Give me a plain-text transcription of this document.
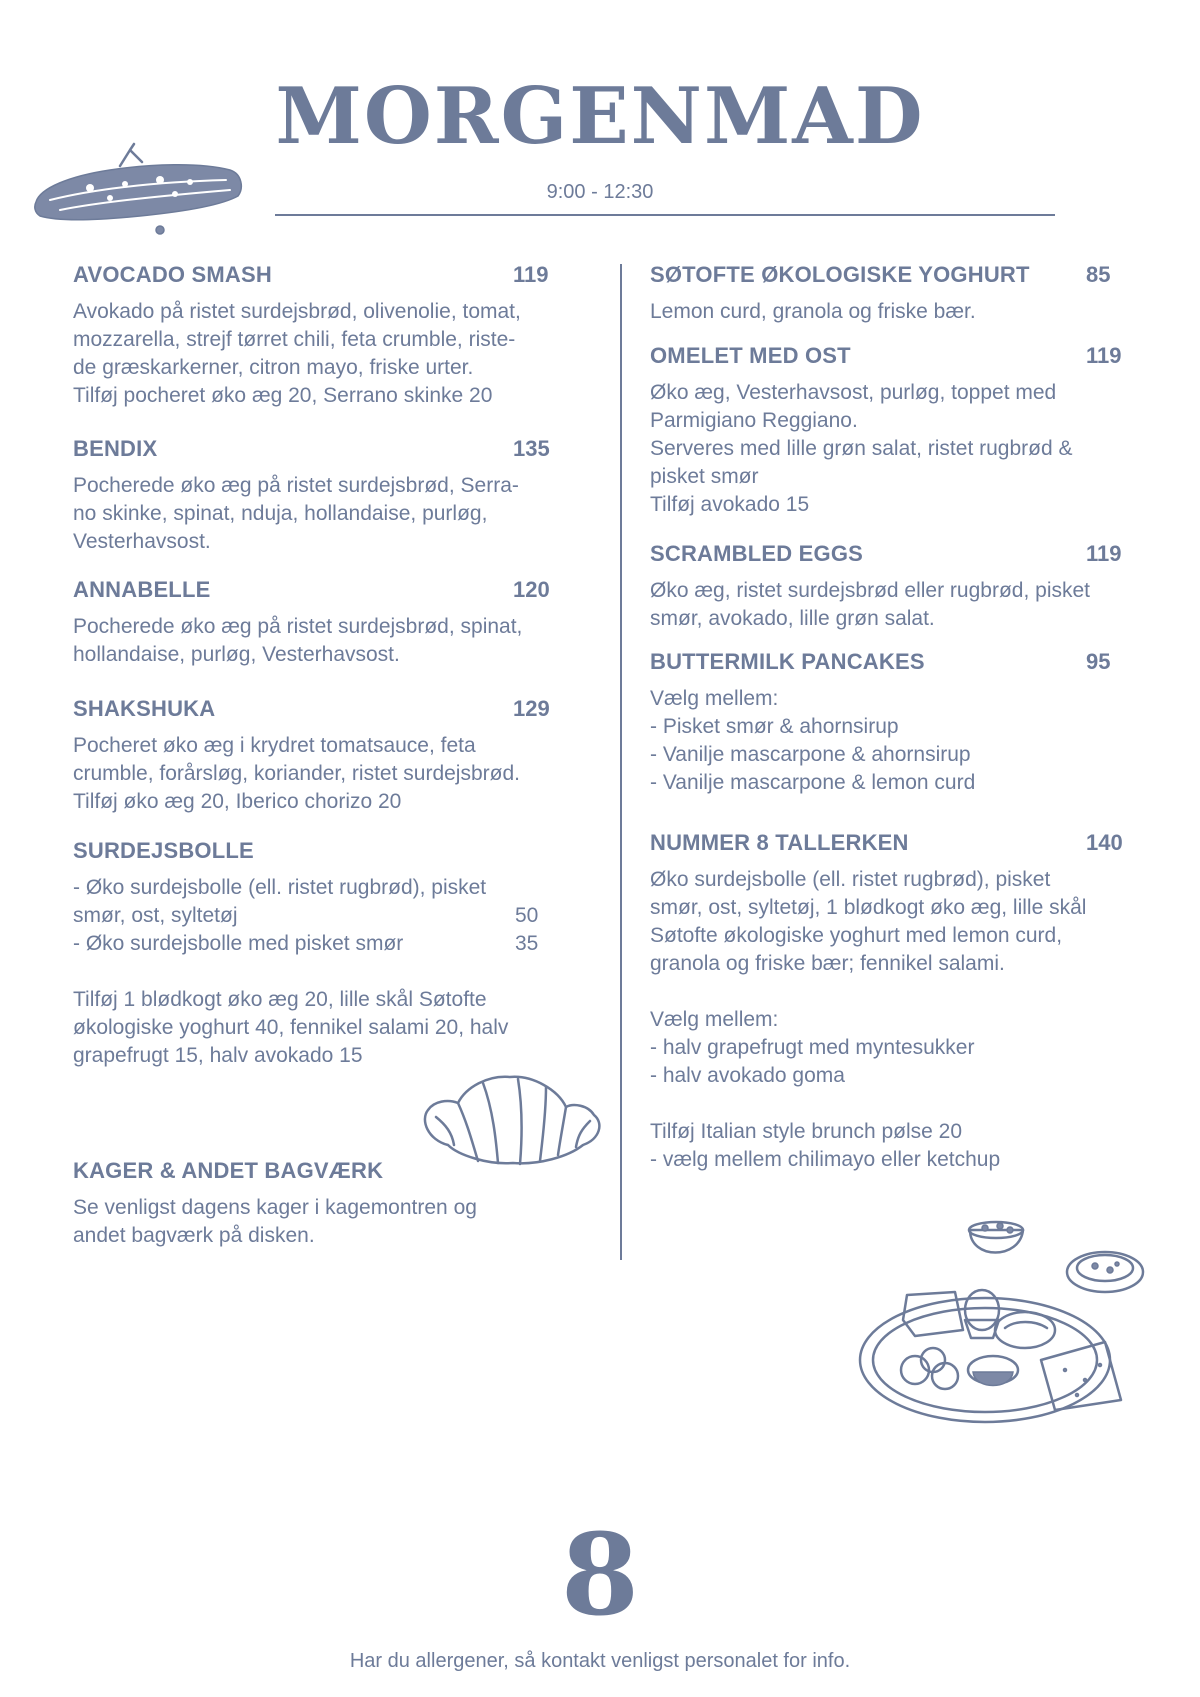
MORGENMAD
9:00 - 12:30
AVOCADO SMASH	119
Avokado på ristet surdejsbrød, olivenolie, tomat,
mozzarella, strejf tørret chili, feta crumble, riste-
de græskarkerner, citron mayo, friske urter.
Tilføj pocheret øko æg 20, Serrano skinke 20
BENDIX	135
Pocherede øko æg på ristet surdejsbrød, Serra-
no skinke, spinat, nduja, hollandaise, purløg,
Vesterhavsost.
ANNABELLE	120
Pocherede øko æg på ristet surdejsbrød, spinat,
hollandaise, purløg, Vesterhavsost.
SHAKSHUKA	129
Pocheret øko æg i krydret tomatsauce, feta
crumble, forårsløg, koriander, ristet surdejsbrød.
Tilføj øko æg 20, Iberico chorizo 20
SURDEJSBOLLE
- Øko surdejsbolle (ell. ristet rugbrød), pisket
smør, ost, syltetøj	50
- Øko surdejsbolle med pisket smør	35
Tilføj 1 blødkogt øko æg 20, lille skål Søtofte
økologiske yoghurt 40, fennikel salami 20, halv
grapefrugt 15, halv avokado 15
KAGER & ANDET BAGVÆRK
Se venligst dagens kager i kagemontren og
andet bagværk på disken.
SØTOFTE ØKOLOGISKE YOGHURT	85
Lemon curd, granola og friske bær.
OMELET MED OST	119
Øko æg, Vesterhavsost, purløg, toppet med
Parmigiano Reggiano.
Serveres med lille grøn salat, ristet rugbrød &
pisket smør
Tilføj avokado 15
SCRAMBLED EGGS	119
Øko æg, ristet surdejsbrød eller rugbrød, pisket
smør, avokado, lille grøn salat.
BUTTERMILK PANCAKES	95
Vælg mellem:
- Pisket smør & ahornsirup
- Vanilje mascarpone & ahornsirup
- Vanilje mascarpone & lemon curd
NUMMER 8 TALLERKEN	140
Øko surdejsbolle (ell. ristet rugbrød), pisket
smør, ost, syltetøj, 1 blødkogt øko æg, lille skål
Søtofte økologiske yoghurt med lemon curd,
granola og friske bær; fennikel salami.
Vælg mellem:
- halv grapefrugt med myntesukker
- halv avokado goma
Tilføj Italian style brunch pølse 20
- vælg mellem chilimayo eller ketchup
8
Har du allergener, så kontakt venligst personalet for info.
